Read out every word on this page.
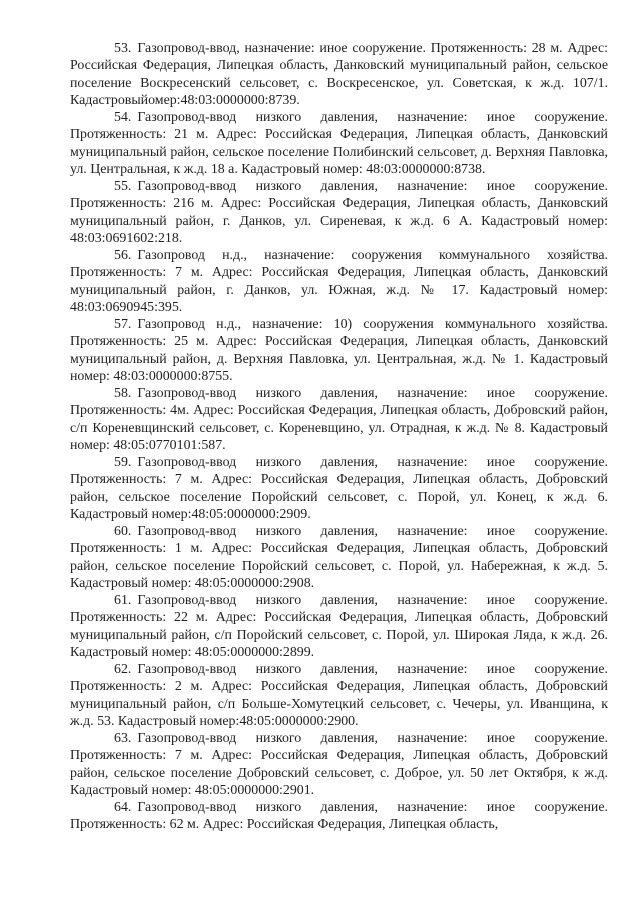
53. Газопровод-ввод, назначение: иное сооружение. Протяженность: 28 м. Адрес: Российская Федерация, Липецкая область, Данковский муниципальный район, сельское поселение Воскресенский сельсовет, с. Воскресенское, ул. Советская, к ж.д. 107/1. Кадастровыйомер:48:03:0000000:8739.

54. Газопровод-ввод низкого давления, назначение: иное сооружение. Протяженность: 21 м. Адрес: Российская Федерация, Липецкая область, Данковский муниципальный район, сельское поселение Полибинский сельсовет, д. Верхняя Павловка, ул. Центральная, к ж.д. 18 а. Кадастровый номер: 48:03:0000000:8738.

55. Газопровод-ввод низкого давления, назначение: иное сооружение. Протяженность: 216 м. Адрес: Российская Федерация, Липецкая область, Данковский муниципальный район, г. Данков, ул. Сиреневая, к ж.д. 6 А. Кадастровый номер: 48:03:0691602:218.

56. Газопровод н.д., назначение: сооружения коммунального хозяйства. Протяженность: 7 м. Адрес: Российская Федерация, Липецкая область, Данковский муниципальный район, г. Данков, ул. Южная, ж.д. № 17. Кадастровый номер: 48:03:0690945:395.

57. Газопровод н.д., назначение: 10) сооружения коммунального хозяйства. Протяженность: 25 м. Адрес: Российская Федерация, Липецкая область, Данковский муниципальный район, д. Верхняя Павловка, ул. Центральная, ж.д. № 1. Кадастровый номер: 48:03:0000000:8755.

58. Газопровод-ввод низкого давления, назначение: иное сооружение. Протяженность: 4м. Адрес: Российская Федерация, Липецкая область, Добровский район, с/п Кореневщинский сельсовет, с. Кореневщино, ул. Отрадная, к ж.д. № 8. Кадастровый номер: 48:05:0770101:587.

59. Газопровод-ввод низкого давления, назначение: иное сооружение. Протяженность: 7 м. Адрес: Российская Федерация, Липецкая область, Добровский район, сельское поселение Поройский сельсовет, с. Порой, ул. Конец, к ж.д. 6. Кадастровый номер:48:05:0000000:2909.

60. Газопровод-ввод низкого давления, назначение: иное сооружение. Протяженность: 1 м. Адрес: Российская Федерация, Липецкая область, Добровский район, сельское поселение Поройский сельсовет, с. Порой, ул. Набережная, к ж.д. 5. Кадастровый номер: 48:05:0000000:2908.

61. Газопровод-ввод низкого давления, назначение: иное сооружение. Протяженность: 22 м. Адрес: Российская Федерация, Липецкая область, Добровский муниципальный район, с/п Поройский сельсовет, с. Порой, ул. Широкая Ляда, к ж.д. 26. Кадастровый номер: 48:05:0000000:2899.

62. Газопровод-ввод низкого давления, назначение: иное сооружение. Протяженность: 2 м. Адрес: Российская Федерация, Липецкая область, Добровский муниципальный район, с/п Больше-Хомутецкий сельсовет, с. Чечеры, ул. Иванщина, к ж.д. 53. Кадастровый номер:48:05:0000000:2900.

63. Газопровод-ввод низкого давления, назначение: иное сооружение. Протяженность: 7 м. Адрес: Российская Федерация, Липецкая область, Добровский район, сельское поселение Добровский сельсовет, с. Доброе, ул. 50 лет Октября, к ж.д. Кадастровый номер: 48:05:0000000:2901.

64. Газопровод-ввод низкого давления, назначение: иное сооружение. Протяженность: 62 м. Адрес: Российская Федерация, Липецкая область,
